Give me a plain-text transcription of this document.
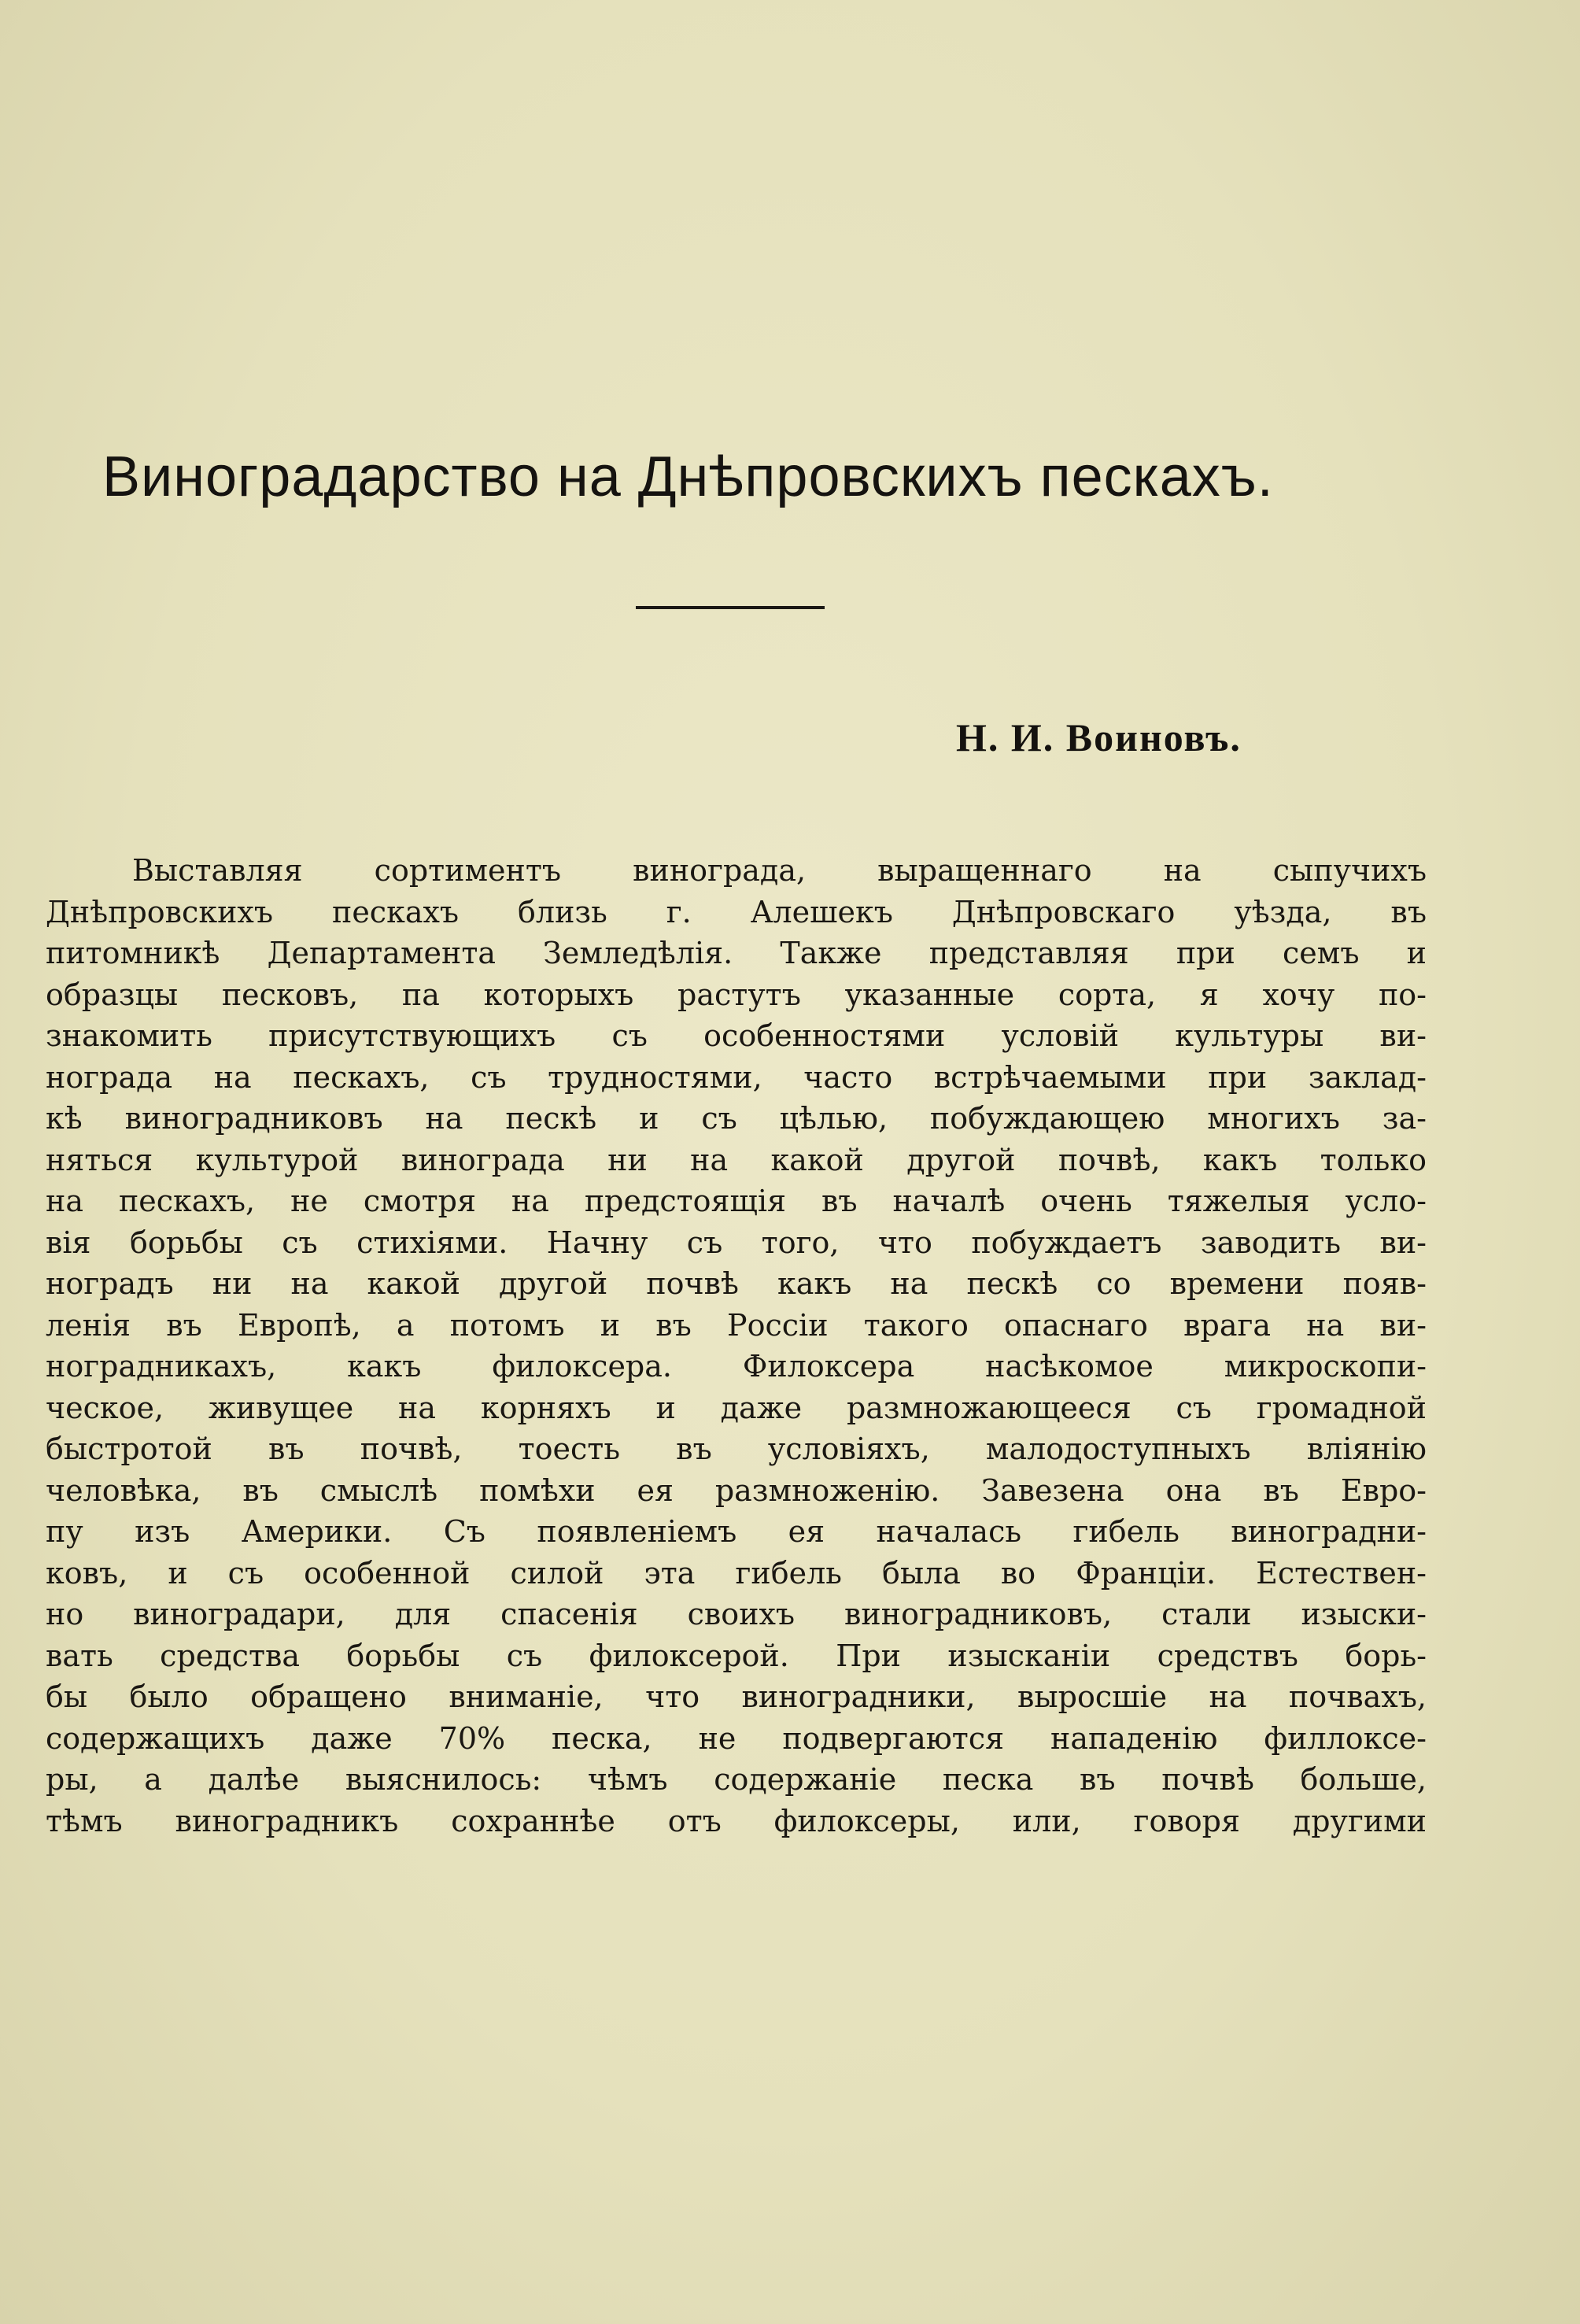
Виноградарство на Днѣпровскихъ пескахъ.
Н. И. Воиновъ.
Выставляя сортиментъ винограда, выращеннаго на сыпучихъ
Днѣпровскихъ пескахъ близь г. Алешекъ Днѣпровскаго уѣзда, въ
питомникѣ Департамента Земледѣлія. Также представляя при семъ и
образцы песковъ, па которыхъ растутъ указанные сорта, я хочу по-
знакомить присутствующихъ съ особенностями условій культуры ви-
нограда на пескахъ, съ трудностями, часто встрѣчаемыми при заклад-
кѣ виноградниковъ на пескѣ и съ цѣлью, побуждающею многихъ за-
няться культурой винограда ни на какой другой почвѣ, какъ только
на пескахъ, не смотря на предстоящія въ началѣ очень тяжелыя усло-
вія борьбы съ стихіями. Начну съ того, что побуждаетъ заводить ви-
ноградъ ни на какой другой почвѣ какъ на пескѣ со времени появ-
ленія въ Европѣ, а потомъ и въ Россіи такого опаснаго врага на ви-
ноградникахъ, какъ филоксера. Филоксера насѣкомое микроскопи-
ческое, живущее на корняхъ и даже размножающееся съ громадной
быстротой въ почвѣ, тоесть въ условіяхъ, малодоступныхъ вліянію
человѣка, въ смыслѣ помѣхи ея размноженію. Завезена она въ Евро-
пу изъ Америки. Съ появленіемъ ея началась гибель виноградни-
ковъ, и съ особенной силой эта гибель была во Франціи. Естествен-
но виноградари, для спасенія своихъ виноградниковъ, стали изыски-
вать средства борьбы съ филоксерой. При изысканіи средствъ борь-
бы было обращено вниманіе, что виноградники, выросшіе на почвахъ,
содержащихъ даже 70% песка, не подвергаются нападенію филлоксе-
ры, а далѣе выяснилось: чѣмъ содержаніе песка въ почвѣ больше,
тѣмъ виноградникъ сохраннѣе отъ филоксеры, или, говоря другими
